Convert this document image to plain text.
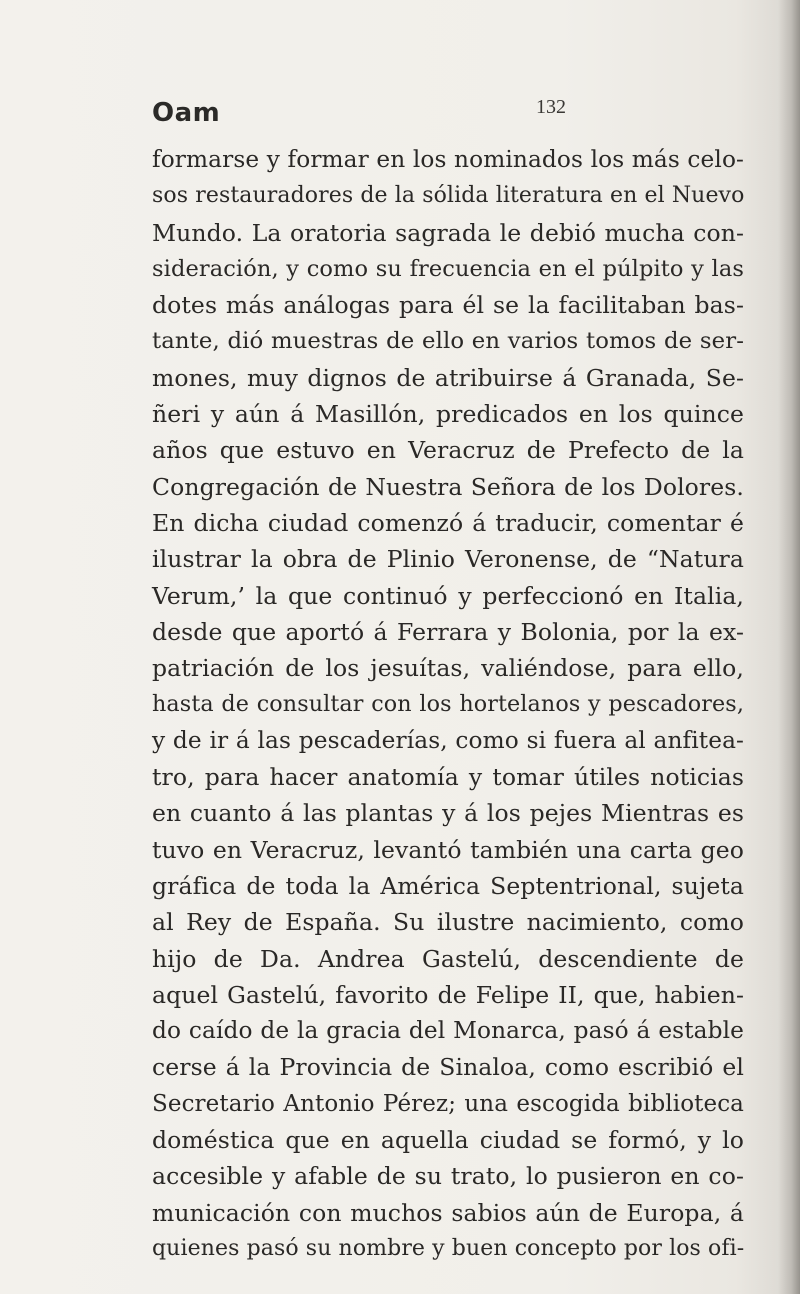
Oam	132
formarse y formar en los nominados los más celo-
sos restauradores de la sólida literatura en el Nuevo
Mundo. La oratoria sagrada le debió mucha con-
sideración, y como su frecuencia en el púlpito y las
dotes más análogas para él se la facilitaban bas-
tante, dió muestras de ello en varios tomos de ser-
mones, muy dignos de atribuirse á Granada, Se-
ñeri y aún á Masillón, predicados en los quince
años que estuvo en Veracruz de Prefecto de la
Congregación de Nuestra Señora de los Dolores.
En dicha ciudad comenzó á traducir, comentar é
ilustrar la obra de Plinio Veronense, de “Natura
Verum,’ la que continuó y perfeccionó en Italia,
desde que aportó á Ferrara y Bolonia, por la ex-
patriación de los jesuítas, valiéndose, para ello,
hasta de consultar con los hortelanos y pescadores,
y de ir á las pescaderías, como si fuera al anfitea-
tro, para hacer anatomía y tomar útiles noticias
en cuanto á las plantas y á los pejes Mientras es
tuvo en Veracruz, levantó también una carta geo
gráfica de toda la América Septentrional, sujeta
al Rey de España. Su ilustre nacimiento, como
hijo de Da. Andrea Gastelú, descendiente de
aquel Gastelú, favorito de Felipe II, que, habien-
do caído de la gracia del Monarca, pasó á estable
cerse á la Provincia de Sinaloa, como escribió el
Secretario Antonio Pérez; una escogida biblioteca
doméstica que en aquella ciudad se formó, y lo
accesible y afable de su trato, lo pusieron en co-
municación con muchos sabios aún de Europa, á
quienes pasó su nombre y buen concepto por los ofi-
